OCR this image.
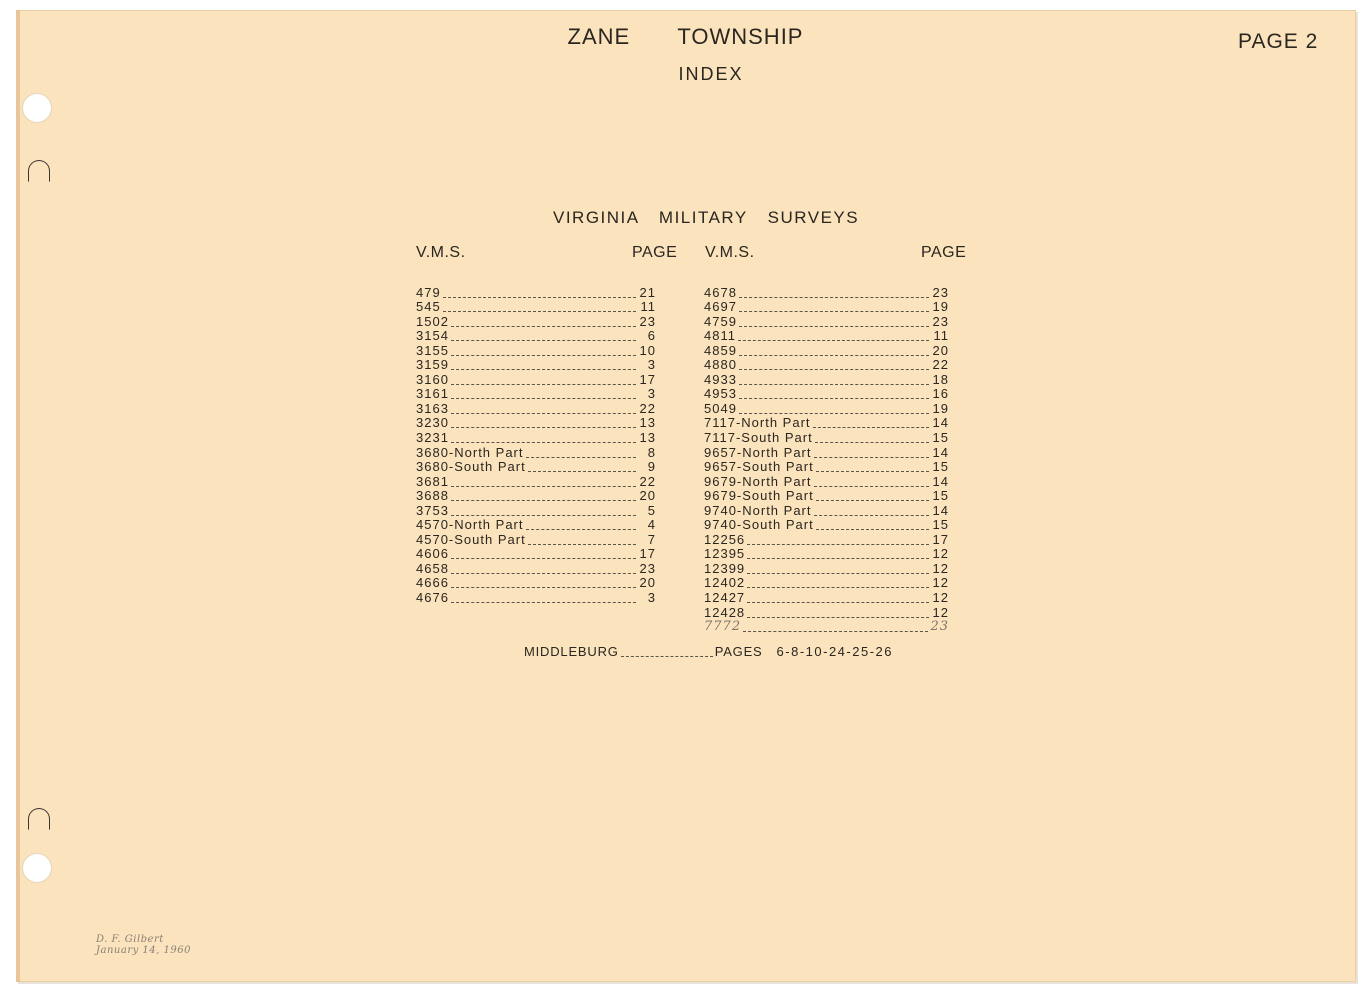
ZANE TOWNSHIP
INDEX
PAGE 2
VIRGINIA MILITARY SURVEYS
V.M.S.	PAGE V.M.S.	PAGE
479	21
545	11
1502	23
3154	6
3155	10
3159	3
3160	17
3161	3
3163	22
3230	13
3231	13
3680-North Part	8
3680-South Part	9
3681	22
3688	20
3753	5
4570-North Part	4
4570-South Part	7
4606	17
4658	23
4666	20
4676	3
4678	23
4697	19
4759	23
4811	11
4859	20
4880	22
4933	18
4953	16
5049	19
7117-North Part	14
7117-South Part	15
9657-North Part	14
9657-South Part	15
9679-North Part	14
9679-South Part	15
9740-North Part	14
9740-South Part	15
12256	17
12395	12
12399	12
12402	12
12427	12
12428	12
7772	23
MIDDLEBURG	PAGES 6-8-10-24-25-26
D. F. Gilbert
January 14, 1960
